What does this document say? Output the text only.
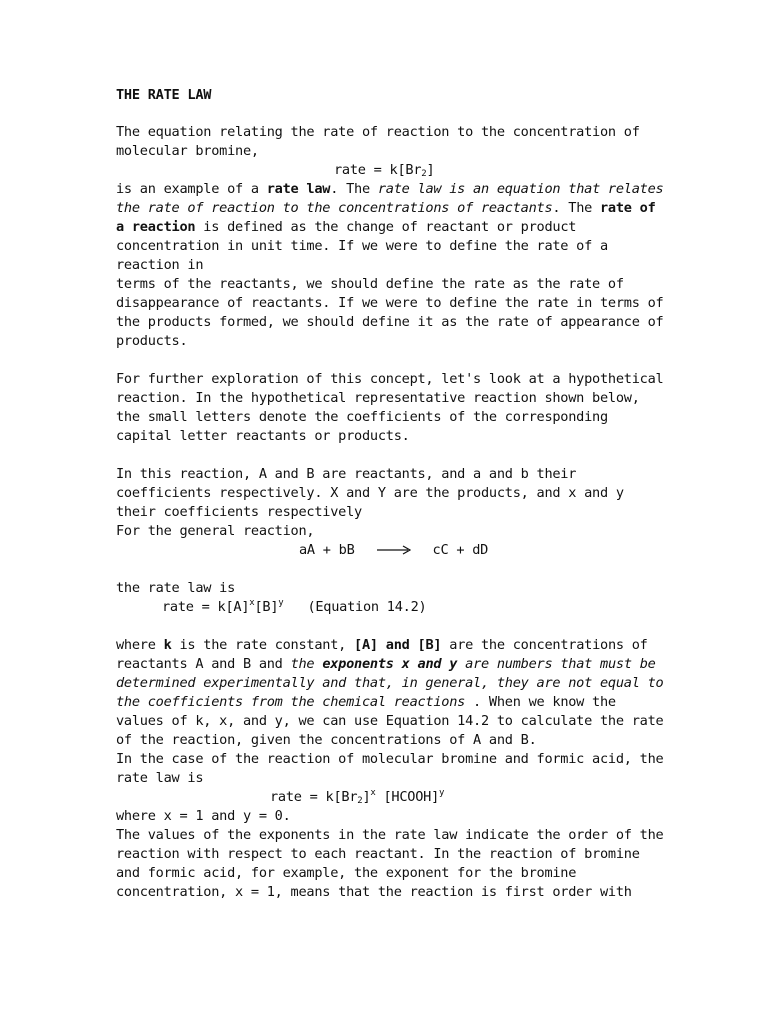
THE RATE LAW
The equation relating the rate of reaction to the concentration of
molecular bromine,
rate = $k[Br_2]$
is an example of a rate law. The rate law is an equation that relates
the rate of reaction to the concentrations of reactants. The rate of
a reaction is defined as the change of reactant or product
concentration in unit time. If we were to define the rate of a
reaction in
terms of the reactants, we should define the rate as the rate of
disappearance of reactants. If we were to define the rate in terms of
the products formed, we should define it as the rate of appearance of
products.
For further exploration of this concept, let's look at a hypothetical
reaction. In the hypothetical representative reaction shown below,
the small letters denote the coefficients of the corresponding
capital letter reactants or products.
In this reaction, A and B are reactants, and a and b their
coefficients respectively. X and Y are the products, and x and y
their coefficients respectively
For the general reaction,
aA + bB	cC + dD
the rate law is
rate = $k[A]^x[B]^y$ (Equation 14.2)
where k is the rate constant, [A] and [B] are the concentrations of
reactants A and B and the exponents x and y are numbers that must be
determined experimentally and that, in general, they are not equal to
the coefficients from the chemical reactions . When we know the
values of k, x, and y, we can use Equation 14.2 to calculate the rate
of the reaction, given the concentrations of A and B.
In the case of the reaction of molecular bromine and formic acid, the
rate law is
rate = $k[Br_2]^x$ [HCOOH]$^y$
where x = 1 and y = 0.
The values of the exponents in the rate law indicate the order of the
reaction with respect to each reactant. In the reaction of bromine
and formic acid, for example, the exponent for the bromine
concentration, x = 1, means that the reaction is first order with
